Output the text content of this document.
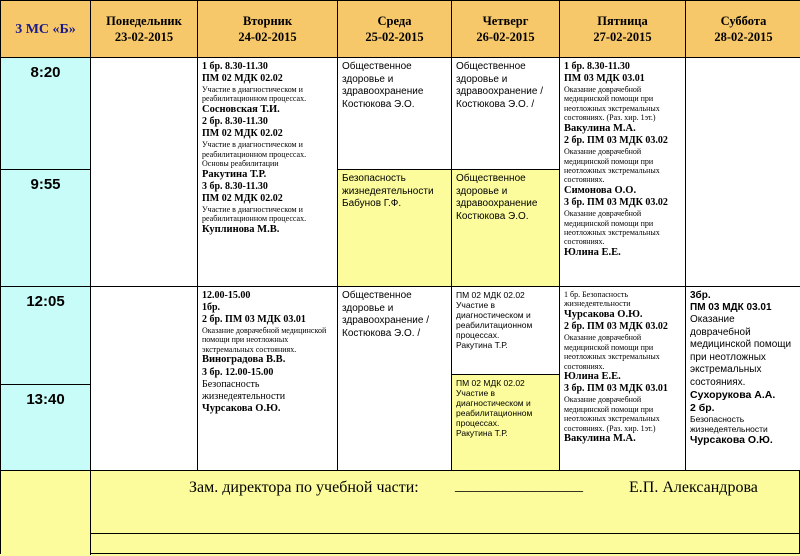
3 МС «Б»
Понедельник
23-02-2015
Вторник
24-02-2015
Среда
25-02-2015
Четверг
26-02-2015
Пятница
27-02-2015
Суббота
28-02-2015
8:20
9:55
12:05
13:40
1 бр. 8.30-11.30
ПМ 02 МДК 02.02
Участие в диагностическом и реабилитационном процессах.
Сосновская Т.И.
2 бр. 8.30-11.30
ПМ 02 МДК 02.02
Участие в диагностическом и реабилитационном процессах. Основы реабилитации
Ракутина Т.Р.
3 бр. 8.30-11.30
ПМ 02 МДК 02.02
Участие в диагностическом и реабилитационном процессах.
Куплинова М.В.
12.00-15.00
1бр.
2 бр. ПМ 03 МДК 03.01
Оказание доврачебной медицинской помощи при неотложных экстремальных состояниях.
Виноградова В.В.
3 бр. 12.00-15.00
Безопасность жизнедеятельности
Чурсакова О.Ю.
Общественное здоровье и здравоохранение
Костюкова Э.О.
Безопасность жизнедеятельности
Бабунов Г.Ф.
Общественное здоровье и здравоохранение /
Костюкова Э.О. /
Общественное здоровье и здравоохранение /
Костюкова Э.О. /
Общественное здоровье и здравоохранение
Костюкова Э.О.
ПМ 02 МДК 02.02
Участие в диагностическом и реабилитационном процессах.
Ракутина Т.Р.
ПМ 02 МДК 02.02
Участие в диагностическом и реабилитационном процессах.
Ракутина Т.Р.
1 бр. 8.30-11.30
ПМ 03 МДК 03.01
Оказание доврачебной медицинской помощи при неотложных экстремальных состояниях. (Раз. хир. 1эт.)
Вакулина М.А.
2 бр. ПМ 03 МДК 03.02
Оказание доврачебной медицинской помощи при неотложных экстремальных состояниях.
Симонова О.О.
3 бр. ПМ 03 МДК 03.02
Оказание доврачебной медицинской помощи при неотложных экстремальных состояниях.
Юлина Е.Е.
1 бр. Безопасность жизнедеятельности
Чурсакова О.Ю.
2 бр. ПМ 03 МДК 03.02
Оказание доврачебной медицинской помощи при неотложных экстремальных состояниях.
Юлина Е.Е.
3 бр. ПМ 03 МДК 03.01
Оказание доврачебной медицинской помощи при неотложных экстремальных состояниях. (Раз. хир. 1эт.)
Вакулина М.А.
3бр.
ПМ 03 МДК 03.01
Оказание доврачебной медицинской помощи при неотложных экстремальных состояниях.
Сухорукова А.А.
2 бр.
Безопасность жизнедеятельности
Чурсакова О.Ю.
Зам. директора по учебной части: ________________	Е.П. Александрова
